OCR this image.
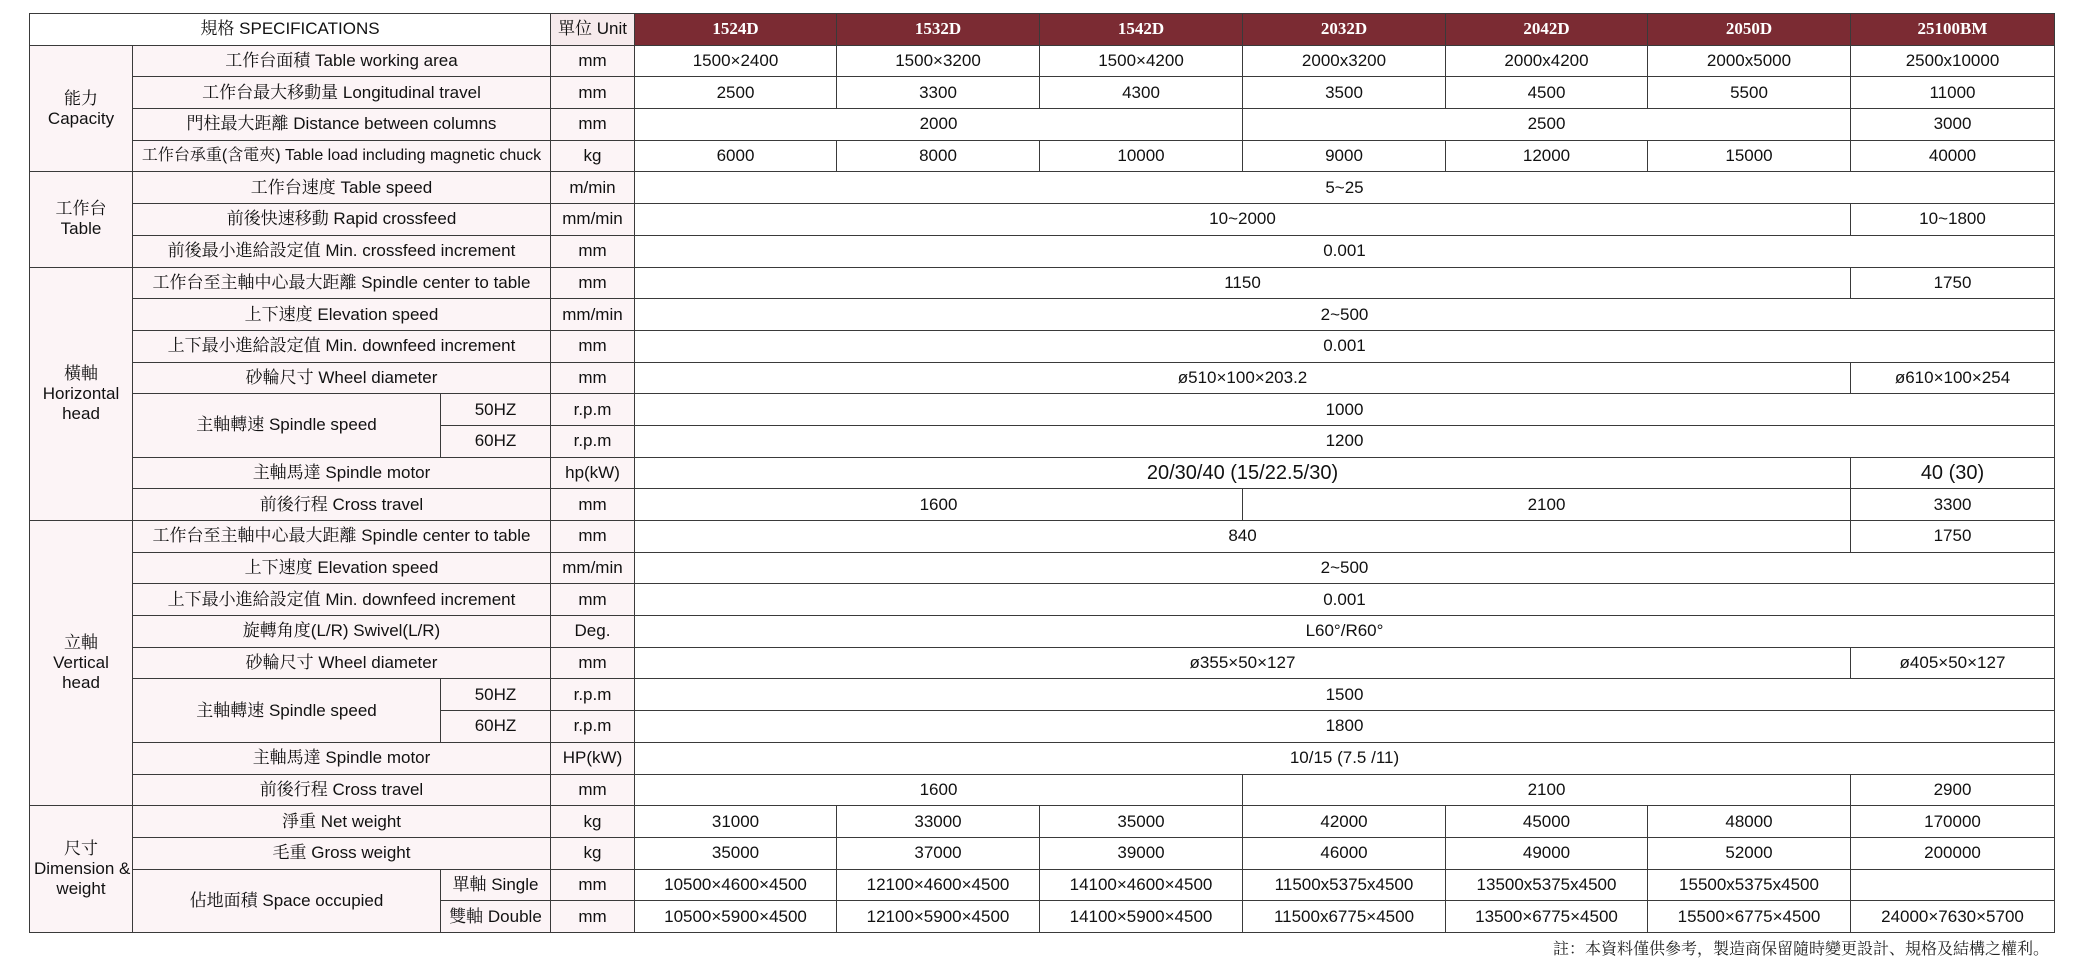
規格 SPECIFICATIONS			單位 Unit	1524D	1532D	1542D	2032D	2042D	2050D	25100BM
能力
Capacity	工作台面積 Table working area		mm	1500×2400	1500×3200	1500×4200	2000x3200	2000x4200	2000x5000	2500x10000
	工作台最大移動量 Longitudinal travel		mm	2500	3300	4300	3500	4500	5500	11000
	門柱最大距離 Distance between columns		mm	2000			2500			3000
	工作台承重(含電夾) Table load including magnetic chuck		kg	6000	8000	10000	9000	12000	15000	40000
工作台
Table	工作台速度 Table speed		m/min	5~25						
	前後快速移動 Rapid crossfeed		mm/min	10~2000						10~1800
	前後最小進給設定值 Min. crossfeed increment		mm	0.001						
橫軸
Horizontal
head	工作台至主軸中心最大距離 Spindle center to table		mm	1150						1750
	上下速度 Elevation speed		mm/min	2~500						
	上下最小進給設定值 Min. downfeed increment		mm	0.001						
	砂輪尺寸 Wheel diameter		mm	ø510×100×203.2						ø610×100×254
	主軸轉速 Spindle speed	50HZ	r.p.m	1000						
		60HZ	r.p.m	1200						
	主軸馬達 Spindle motor		hp(kW)	20/30/40 (15/22.5/30)						40 (30)
	前後行程 Cross travel		mm	1600			2100			3300
立軸
Vertical
head	工作台至主軸中心最大距離 Spindle center to table		mm	840						1750
	上下速度 Elevation speed		mm/min	2~500						
	上下最小進給設定值 Min. downfeed increment		mm	0.001						
	旋轉角度(L/R) Swivel(L/R)		Deg.	L60°/R60°						
	砂輪尺寸 Wheel diameter		mm	ø355×50×127						ø405×50×127
	主軸轉速 Spindle speed	50HZ	r.p.m	1500						
		60HZ	r.p.m	1800						
	主軸馬達 Spindle motor		HP(kW)	10/15 (7.5 /11)						
	前後行程 Cross travel		mm	1600			2100			2900
尺寸
Dimension &
weight	淨重 Net weight		kg	31000	33000	35000	42000	45000	48000	170000
	毛重 Gross weight		kg	35000	37000	39000	46000	49000	52000	200000
	佔地面積 Space occupied	單軸 Single	mm	10500×4600×4500	12100×4600×4500	14100×4600×4500	11500x5375x4500	13500x5375x4500	15500x5375x4500	
		雙軸 Double	mm	10500×5900×4500	12100×5900×4500	14100×5900×4500	11500x6775×4500	13500×6775×4500	15500×6775×4500	24000×7630×5700
註：本資料僅供參考，製造商保留隨時變更設計、規格及結構之權利。
